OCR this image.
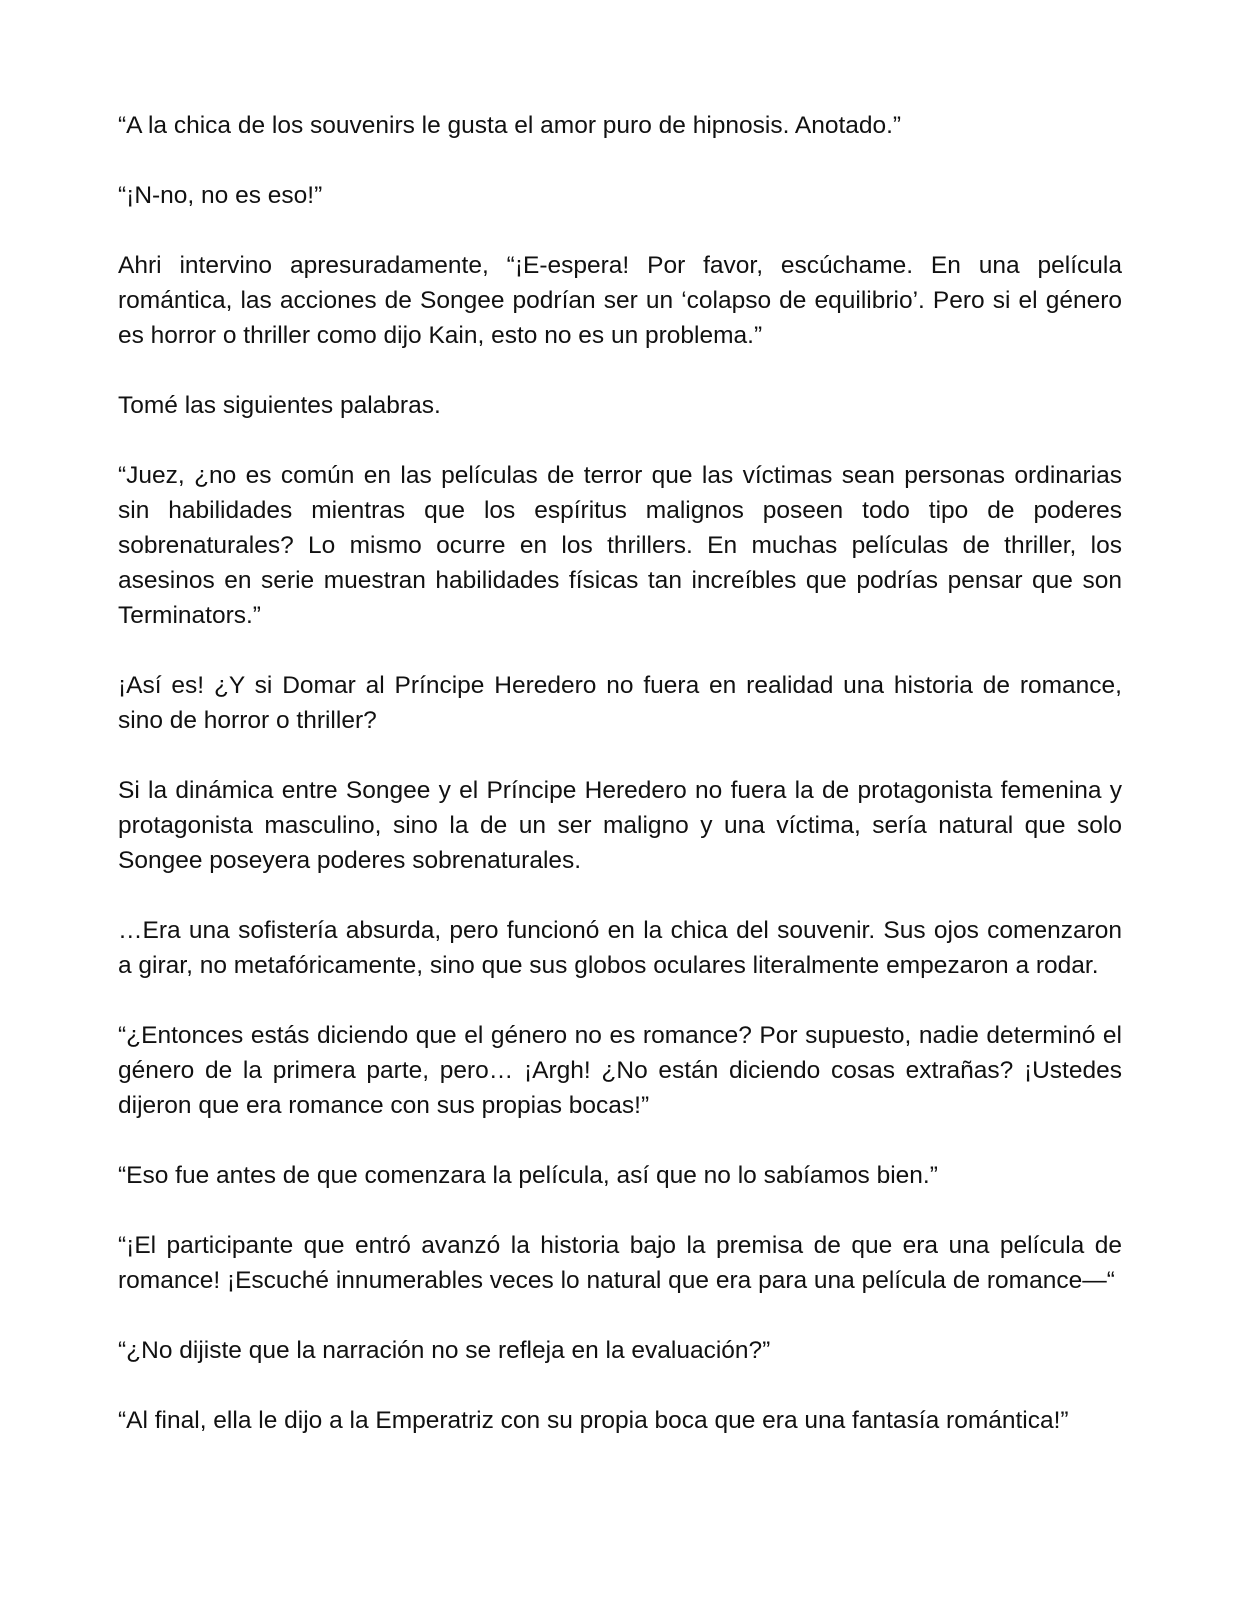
“A la chica de los souvenirs le gusta el amor puro de hipnosis. Anotado.”

“¡N-no, no es eso!”

Ahri intervino apresuradamente, “¡E-espera! Por favor, escúchame. En una película romántica, las acciones de Songee podrían ser un ‘colapso de equilibrio’. Pero si el género es horror o thriller como dijo Kain, esto no es un problema.”

Tomé las siguientes palabras.

“Juez, ¿no es común en las películas de terror que las víctimas sean personas ordinarias sin habilidades mientras que los espíritus malignos poseen todo tipo de poderes sobrenaturales? Lo mismo ocurre en los thrillers. En muchas películas de thriller, los asesinos en serie muestran habilidades físicas tan increíbles que podrías pensar que son Terminators.”

¡Así es! ¿Y si Domar al Príncipe Heredero no fuera en realidad una historia de romance, sino de horror o thriller?

Si la dinámica entre Songee y el Príncipe Heredero no fuera la de protagonista femenina y protagonista masculino, sino la de un ser maligno y una víctima, sería natural que solo Songee poseyera poderes sobrenaturales.

…Era una sofistería absurda, pero funcionó en la chica del souvenir. Sus ojos comenzaron a girar, no metafóricamente, sino que sus globos oculares literalmente empezaron a rodar.

“¿Entonces estás diciendo que el género no es romance? Por supuesto, nadie determinó el género de la primera parte, pero… ¡Argh! ¿No están diciendo cosas extrañas? ¡Ustedes dijeron que era romance con sus propias bocas!”

“Eso fue antes de que comenzara la película, así que no lo sabíamos bien.”

“¡El participante que entró avanzó la historia bajo la premisa de que era una película de romance! ¡Escuché innumerables veces lo natural que era para una película de romance—“

“¿No dijiste que la narración no se refleja en la evaluación?”

“Al final, ella le dijo a la Emperatriz con su propia boca que era una fantasía romántica!”
